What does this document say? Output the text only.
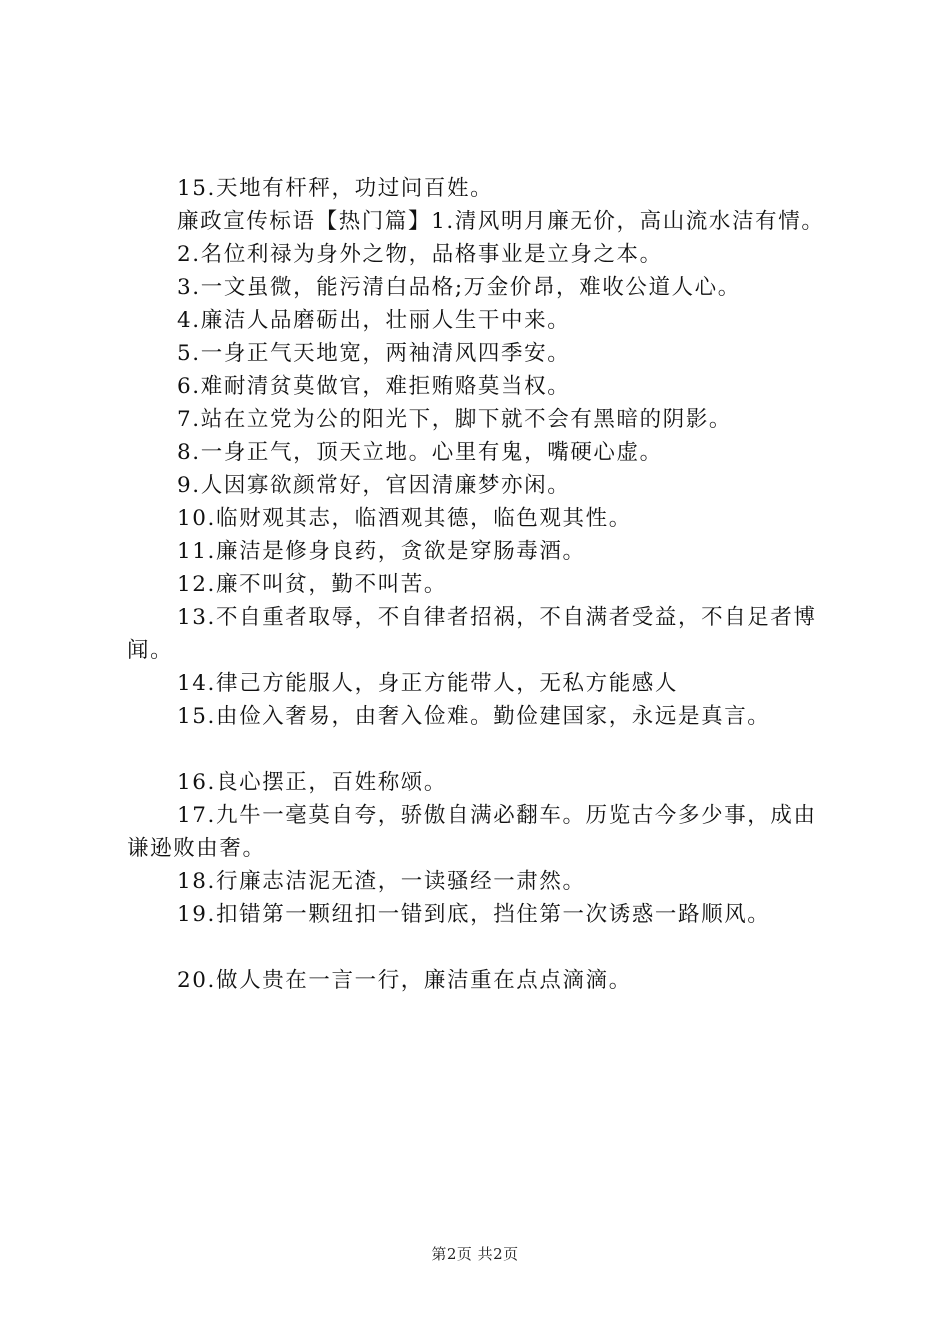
15.天地有杆秤，功过问百姓。

廉政宣传标语【热门篇】1.清风明月廉无价，高山流水洁有情。

2.名位利禄为身外之物，品格事业是立身之本。

3.一文虽微，能污清白品格;万金价昂，难收公道人心。

4.廉洁人品磨砺出，壮丽人生干中来。

5.一身正气天地宽，两袖清风四季安。

6.难耐清贫莫做官，难拒贿赂莫当权。

7.站在立党为公的阳光下，脚下就不会有黑暗的阴影。

8.一身正气，顶天立地。心里有鬼，嘴硬心虚。

9.人因寡欲颜常好，官因清廉梦亦闲。

10.临财观其志，临酒观其德，临色观其性。

11.廉洁是修身良药，贪欲是穿肠毒酒。

12.廉不叫贫，勤不叫苦。

13.不自重者取辱，不自律者招祸，不自满者受益，不自足者博闻。

14.律己方能服人，身正方能带人，无私方能感人

15.由俭入奢易，由奢入俭难。勤俭建国家，永远是真言。

16.良心摆正，百姓称颂。

17.九牛一毫莫自夸，骄傲自满必翻车。历览古今多少事，成由谦逊败由奢。

18.行廉志洁泥无渣，一读骚经一肃然。

19.扣错第一颗纽扣一错到底，挡住第一次诱惑一路顺风。

20.做人贵在一言一行，廉洁重在点点滴滴。

第2页 共2页
